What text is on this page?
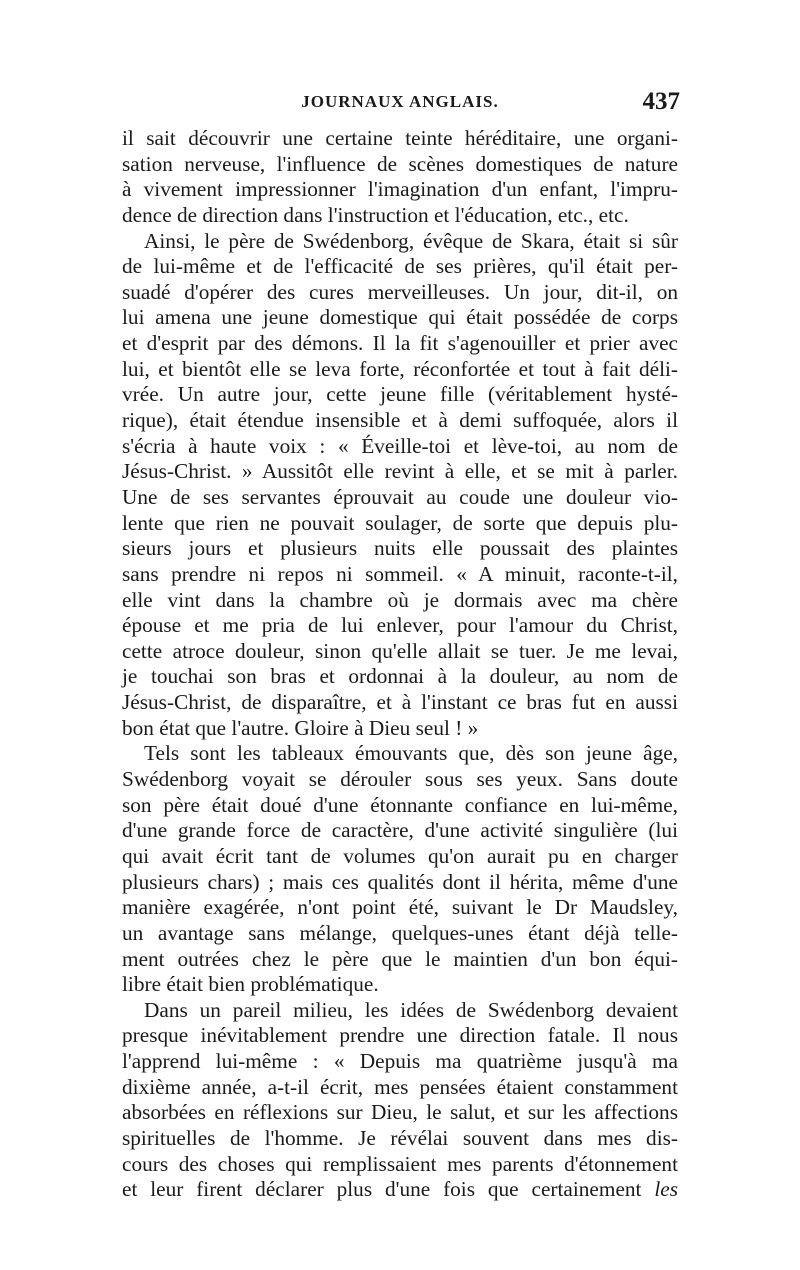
JOURNAUX ANGLAIS.	437
il sait découvrir une certaine teinte héréditaire, une organi-
sation nerveuse, l'influence de scènes domestiques de nature
à vivement impressionner l'imagination d'un enfant, l'impru-
dence de direction dans l'instruction et l'éducation, etc., etc.
Ainsi, le père de Swédenborg, évêque de Skara, était si sûr
de lui-même et de l'efficacité de ses prières, qu'il était per-
suadé d'opérer des cures merveilleuses. Un jour, dit-il, on
lui amena une jeune domestique qui était possédée de corps
et d'esprit par des démons. Il la fit s'agenouiller et prier avec
lui, et bientôt elle se leva forte, réconfortée et tout à fait déli-
vrée. Un autre jour, cette jeune fille (véritablement hysté-
rique), était étendue insensible et à demi suffoquée, alors il
s'écria à haute voix : « Éveille-toi et lève-toi, au nom de
Jésus-Christ. » Aussitôt elle revint à elle, et se mit à parler.
Une de ses servantes éprouvait au coude une douleur vio-
lente que rien ne pouvait soulager, de sorte que depuis plu-
sieurs jours et plusieurs nuits elle poussait des plaintes
sans prendre ni repos ni sommeil. « A minuit, raconte-t-il,
elle vint dans la chambre où je dormais avec ma chère
épouse et me pria de lui enlever, pour l'amour du Christ,
cette atroce douleur, sinon qu'elle allait se tuer. Je me levai,
je touchai son bras et ordonnai à la douleur, au nom de
Jésus-Christ, de disparaître, et à l'instant ce bras fut en aussi
bon état que l'autre. Gloire à Dieu seul ! »
Tels sont les tableaux émouvants que, dès son jeune âge,
Swédenborg voyait se dérouler sous ses yeux. Sans doute
son père était doué d'une étonnante confiance en lui-même,
d'une grande force de caractère, d'une activité singulière (lui
qui avait écrit tant de volumes qu'on aurait pu en charger
plusieurs chars) ; mais ces qualités dont il hérita, même d'une
manière exagérée, n'ont point été, suivant le Dr Maudsley,
un avantage sans mélange, quelques-unes étant déjà telle-
ment outrées chez le père que le maintien d'un bon équi-
libre était bien problématique.
Dans un pareil milieu, les idées de Swédenborg devaient
presque inévitablement prendre une direction fatale. Il nous
l'apprend lui-même : « Depuis ma quatrième jusqu'à ma
dixième année, a-t-il écrit, mes pensées étaient constamment
absorbées en réflexions sur Dieu, le salut, et sur les affections
spirituelles de l'homme. Je révélai souvent dans mes dis-
cours des choses qui remplissaient mes parents d'étonnement
et leur firent déclarer plus d'une fois que certainement les
